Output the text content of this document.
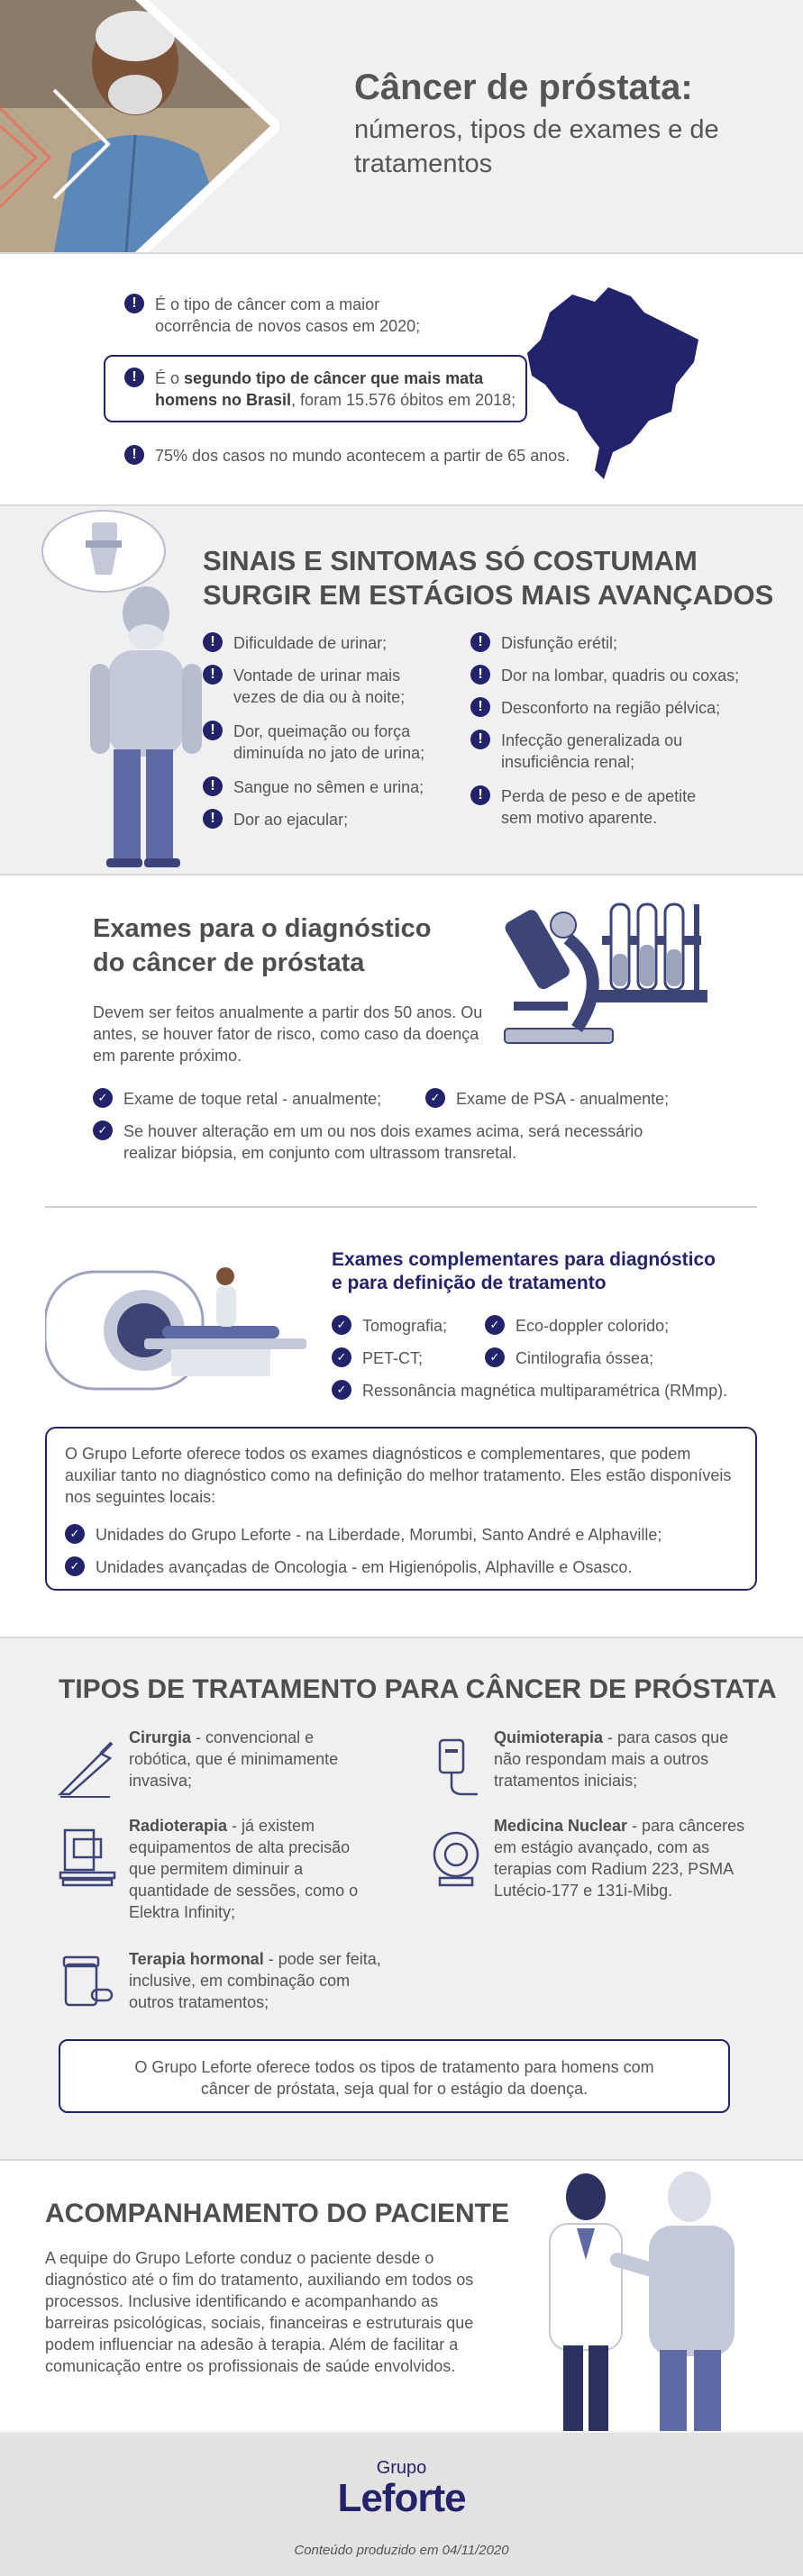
Câncer de próstata:
números, tipos de exames e de tratamentos
!	É o tipo de câncer com a maior ocorrência de novos casos em 2020;
!	É o segundo tipo de câncer que mais mata homens no Brasil, foram 15.576 óbitos em 2018;
!	75% dos casos no mundo acontecem a partir de 65 anos.
SINAIS E SINTOMAS SÓ COSTUMAM
SURGIR EM ESTÁGIOS MAIS AVANÇADOS
!	Dificuldade de urinar;
!	Vontade de urinar mais vezes de dia ou à noite;
!	Dor, queimação ou força diminuída no jato de urina;
!	Sangue no sêmen e urina;
!	Dor ao ejacular;
!	Disfunção erétil;
!	Dor na lombar, quadris ou coxas;
!	Desconforto na região pélvica;
!	Infecção generalizada ou insuficiência renal;
!	Perda de peso e de apetite sem motivo aparente.
Exames para o diagnóstico
do câncer de próstata
Devem ser feitos anualmente a partir dos 50 anos. Ou antes, se houver fator de risco, como caso da doença em parente próximo.
✓ Exame de toque retal - anualmente;	✓ Exame de PSA - anualmente;
✓ Se houver alteração em um ou nos dois exames acima, será necessário realizar biópsia, em conjunto com ultrassom transretal.
Exames complementares para diagnóstico
e para definição de tratamento
✓ Tomografia;	✓ Eco-doppler colorido;
✓ PET-CT;	✓ Cintilografia óssea;
✓ Ressonância magnética multiparamétrica (RMmp).
O Grupo Leforte oferece todos os exames diagnósticos e complementares, que podem auxiliar tanto no diagnóstico como na definição do melhor tratamento. Eles estão disponíveis nos seguintes locais:
✓ Unidades do Grupo Leforte - na Liberdade, Morumbi, Santo André e Alphaville;
✓ Unidades avançadas de Oncologia - em Higienópolis, Alphaville e Osasco.
TIPOS DE TRATAMENTO PARA CÂNCER DE PRÓSTATA
Cirurgia - convencional e robótica, que é minimamente invasiva;
Radioterapia - já existem equipamentos de alta precisão que permitem diminuir a quantidade de sessões, como o Elektra Infinity;
Terapia hormonal - pode ser feita, inclusive, em combinação com outros tratamentos;
Quimioterapia - para casos que não respondam mais a outros tratamentos iniciais;
Medicina Nuclear - para cânceres em estágio avançado, com as terapias com Radium 223, PSMA Lutécio-177 e 131i-Mibg.
O Grupo Leforte oferece todos os tipos de tratamento para homens com câncer de próstata, seja qual for o estágio da doença.
ACOMPANHAMENTO DO PACIENTE
A equipe do Grupo Leforte conduz o paciente desde o diagnóstico até o fim do tratamento, auxiliando em todos os processos. Inclusive identificando e acompanhando as barreiras psicológicas, sociais, financeiras e estruturais que podem influenciar na adesão à terapia. Além de facilitar a comunicação entre os profissionais de saúde envolvidos.
Grupo
Leforte
Conteúdo produzido em 04/11/2020
